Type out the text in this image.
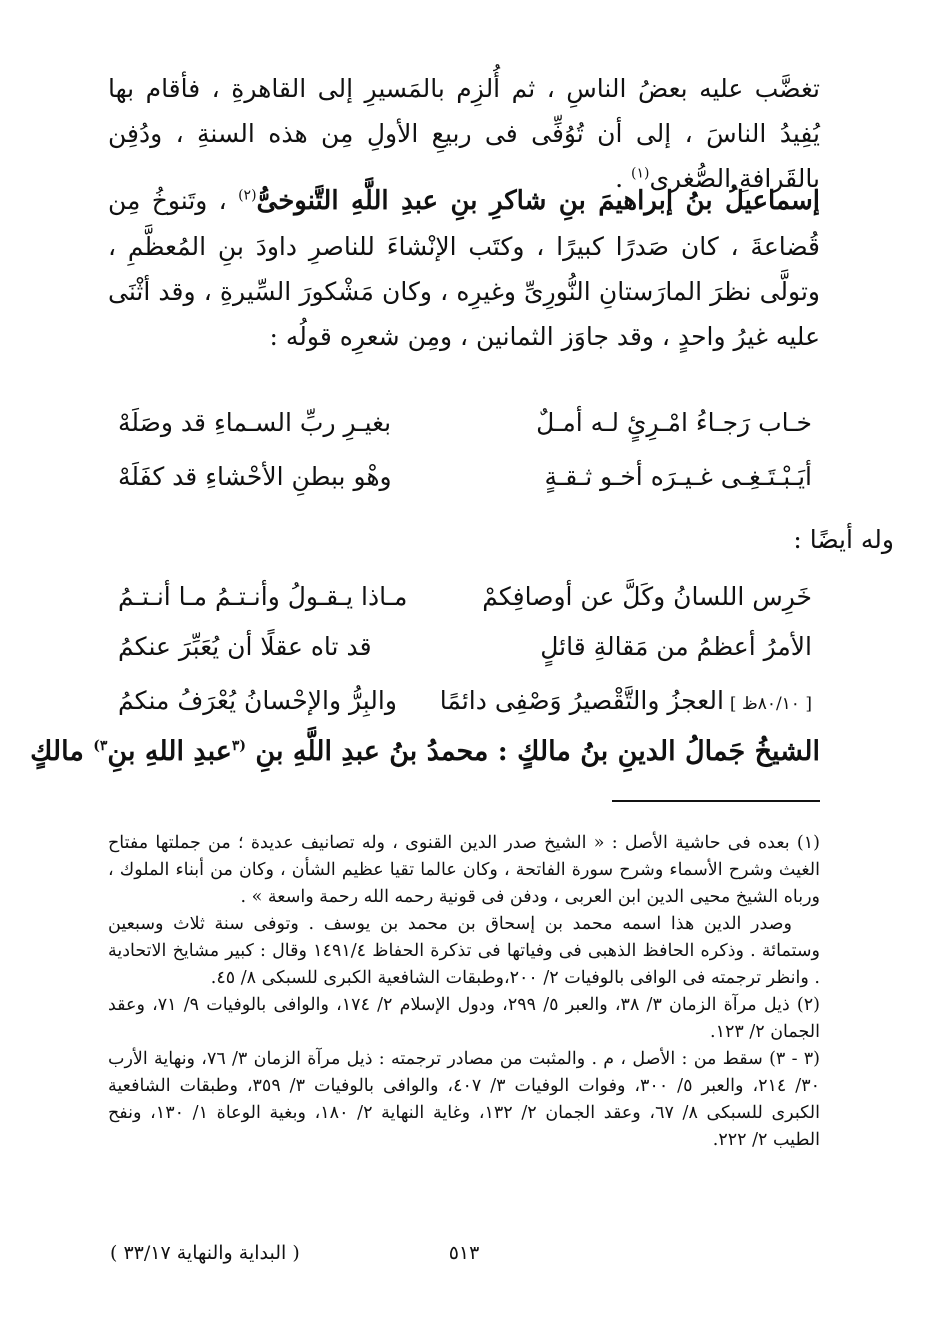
تغضَّب عليه بعضُ الناسِ ، ثم أُلزِم بالمَسيرِ إلى القاهرةِ ، فأقام بها يُفِيدُ الناسَ ، إلى أن تُوُفِّى فى ربيعِ الأولِ مِن هذه السنةِ ، ودُفِن بالقَرافةِ الصُّغرى$^{(١)}$ .

إسماعيلُ بنُ إبراهيمَ بنِ شاكرِ بنِ عبدِ اللَّهِ التَّنوخىُّ$^{(٢)}$ ، وتَنوخُ مِن قُضاعةَ ، كان صَدرًا كبيرًا ، وكتَب الإنْشاءَ للناصرِ داودَ بنِ المُعظَّمِ ، وتولَّى نظرَ المارَستانِ النُّورِىِّ وغيرِه ، وكان مَشْكورَ السِّيرةِ ، وقد أثْنَى عليه غيرُ واحدٍ ، وقد جاوَز الثمانين ، ومِن شعرِه قولُه :

خـاب رَجـاءُ امْـرِئٍ لـه أمـلٌ
بغيـرِ ربِّ السـماءِ قد وصَلَهْ
أيَـبْـتَـغِـى غـيـرَه أخـو ثـقـةٍ
وهْو ببطنِ الأحْشاءِ قد كفَلَهْ
وله أيضًا :
خَرِس اللسانُ وكَلَّ عن أوصافِكمْ
مـاذا يـقـولُ وأنـتـمُ مـا أنـتـمُ
الأمرُ أعظمُ من مَقالةِ قائلٍ
قد تاه عقلًا أن يُعَبِّرَ عنكمُ
[ ٨٠/١٠ظ ]العجزُ والتَّقْصيرُ وَصْفِى دائمًا
والبِرُّ والإحْسانُ يُعْرَفُ منكمُ
الشيخُ جَمالُ الدينِ بنُ مالكٍ : محمدُ بنُ عبدِ اللَّهِ بنِ $^{(٣}$عبدِ اللهِ بنِ$^{٣)}$ مالكٍ

(١) بعده فى حاشية الأصل : « الشيخ صدر الدين القنوى ، وله تصانيف عديدة ؛ من جملتها مفتاح الغيث وشرح الأسماء وشرح سورة الفاتحة ، وكان عالما تقيا عظيم الشأن ، وكان من أبناء الملوك ، ورباه الشيخ محيى الدين ابن العربى ، ودفن فى قونية رحمه الله رحمة واسعة » .

وصدر الدين هذا اسمه محمد بن إسحاق بن محمد بن يوسف . وتوفى سنة ثلاث وسبعين وستمائة . وذكره الحافظ الذهبى فى وفياتها فى تذكرة الحفاظ ١٤٩١/٤ وقال : كبير مشايخ الاتحادية . وانظر ترجمته فى الوافى بالوفيات ٢/ ٢٠٠،وطبقات الشافعية الكبرى للسبكى ٨/ ٤٥.

(٢) ذيل مرآة الزمان ٣/ ٣٨، والعبر ٥/ ٢٩٩، ودول الإسلام ٢/ ١٧٤، والوافى بالوفيات ٩/ ٧١، وعقد الجمان ٢/ ١٢٣.

(٣ - ٣) سقط من : الأصل ، م . والمثبت من مصادر ترجمته : ذيل مرآة الزمان ٣/ ٧٦، ونهاية الأرب ٣٠/ ٢١٤، والعبر ٥/ ٣٠٠، وفوات الوفيات ٣/ ٤٠٧، والوافى بالوفيات ٣/ ٣٥٩، وطبقات الشافعية الكبرى للسبكى ٨/ ٦٧، وعقد الجمان ٢/ ١٣٢، وغاية النهاية ٢/ ١٨٠، وبغية الوعاة ١/ ١٣٠، ونفح الطيب ٢/ ٢٢٢.

٥١٣
( البداية والنهاية ٣٣/١٧ )
